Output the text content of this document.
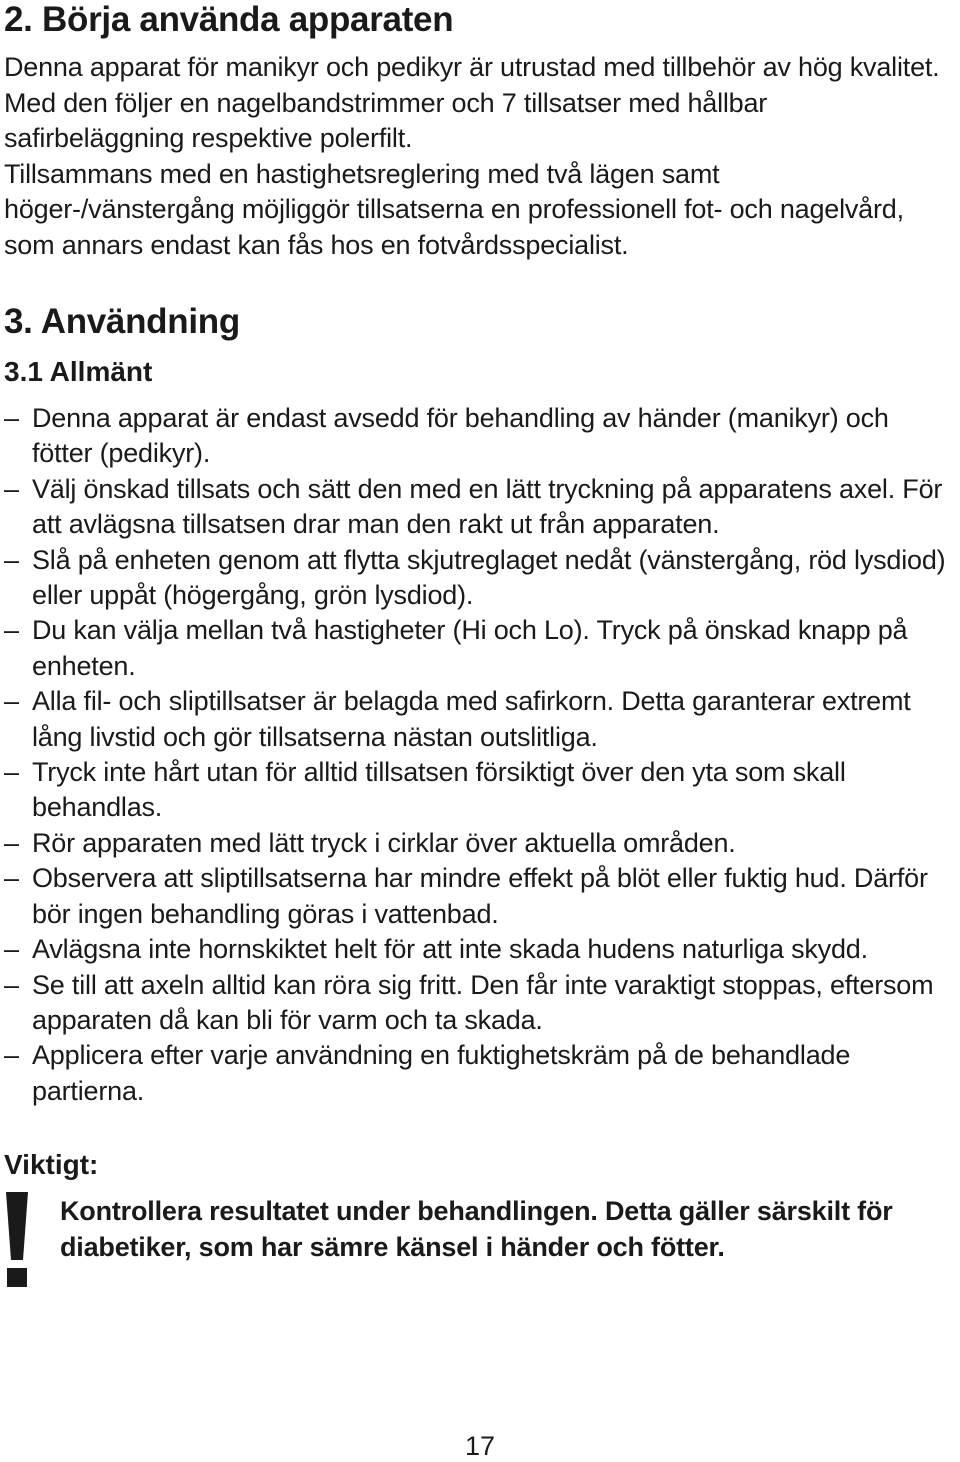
2. Börja använda apparaten

Denna apparat för manikyr och pedikyr är utrustad med tillbehör av hög kvalitet. Med den följer en nagelbandstrimmer och 7 tillsatser med hållbar safirbeläggning respektive polerfilt.

Tillsammans med en hastighetsreglering med två lägen samt höger-/vänstergång möjliggör tillsatserna en professionell fot- och nagelvård, som annars endast kan fås hos en fotvårdsspecialist.

3. Användning
3.1 Allmänt
– Denna apparat är endast avsedd för behandling av händer (manikyr) och fötter (pedikyr).
– Välj önskad tillsats och sätt den med en lätt tryckning på apparatens axel. För att avlägsna tillsatsen drar man den rakt ut från apparaten.
– Slå på enheten genom att flytta skjutreglaget nedåt (vänstergång, röd lysdiod) eller uppåt (högergång, grön lysdiod).
– Du kan välja mellan två hastigheter (Hi och Lo). Tryck på önskad knapp på enheten.
– Alla fil- och sliptillsatser är belagda med safirkorn. Detta garanterar extremt lång livstid och gör tillsatserna nästan outslitliga.
– Tryck inte hårt utan för alltid tillsatsen försiktigt över den yta som skall behandlas.
– Rör apparaten med lätt tryck i cirklar över aktuella områden.
– Observera att sliptillsatserna har mindre effekt på blöt eller fuktig hud. Därför bör ingen behandling göras i vattenbad.
– Avlägsna inte hornskiktet helt för att inte skada hudens naturliga skydd.
– Se till att axeln alltid kan röra sig fritt. Den får inte varaktigt stoppas, eftersom apparaten då kan bli för varm och ta skada.
– Applicera efter varje användning en fuktighetskräm på de behandlade partierna.
Viktigt:

Kontrollera resultatet under behandlingen. Detta gäller särskilt för diabetiker, som har sämre känsel i händer och fötter.

17
